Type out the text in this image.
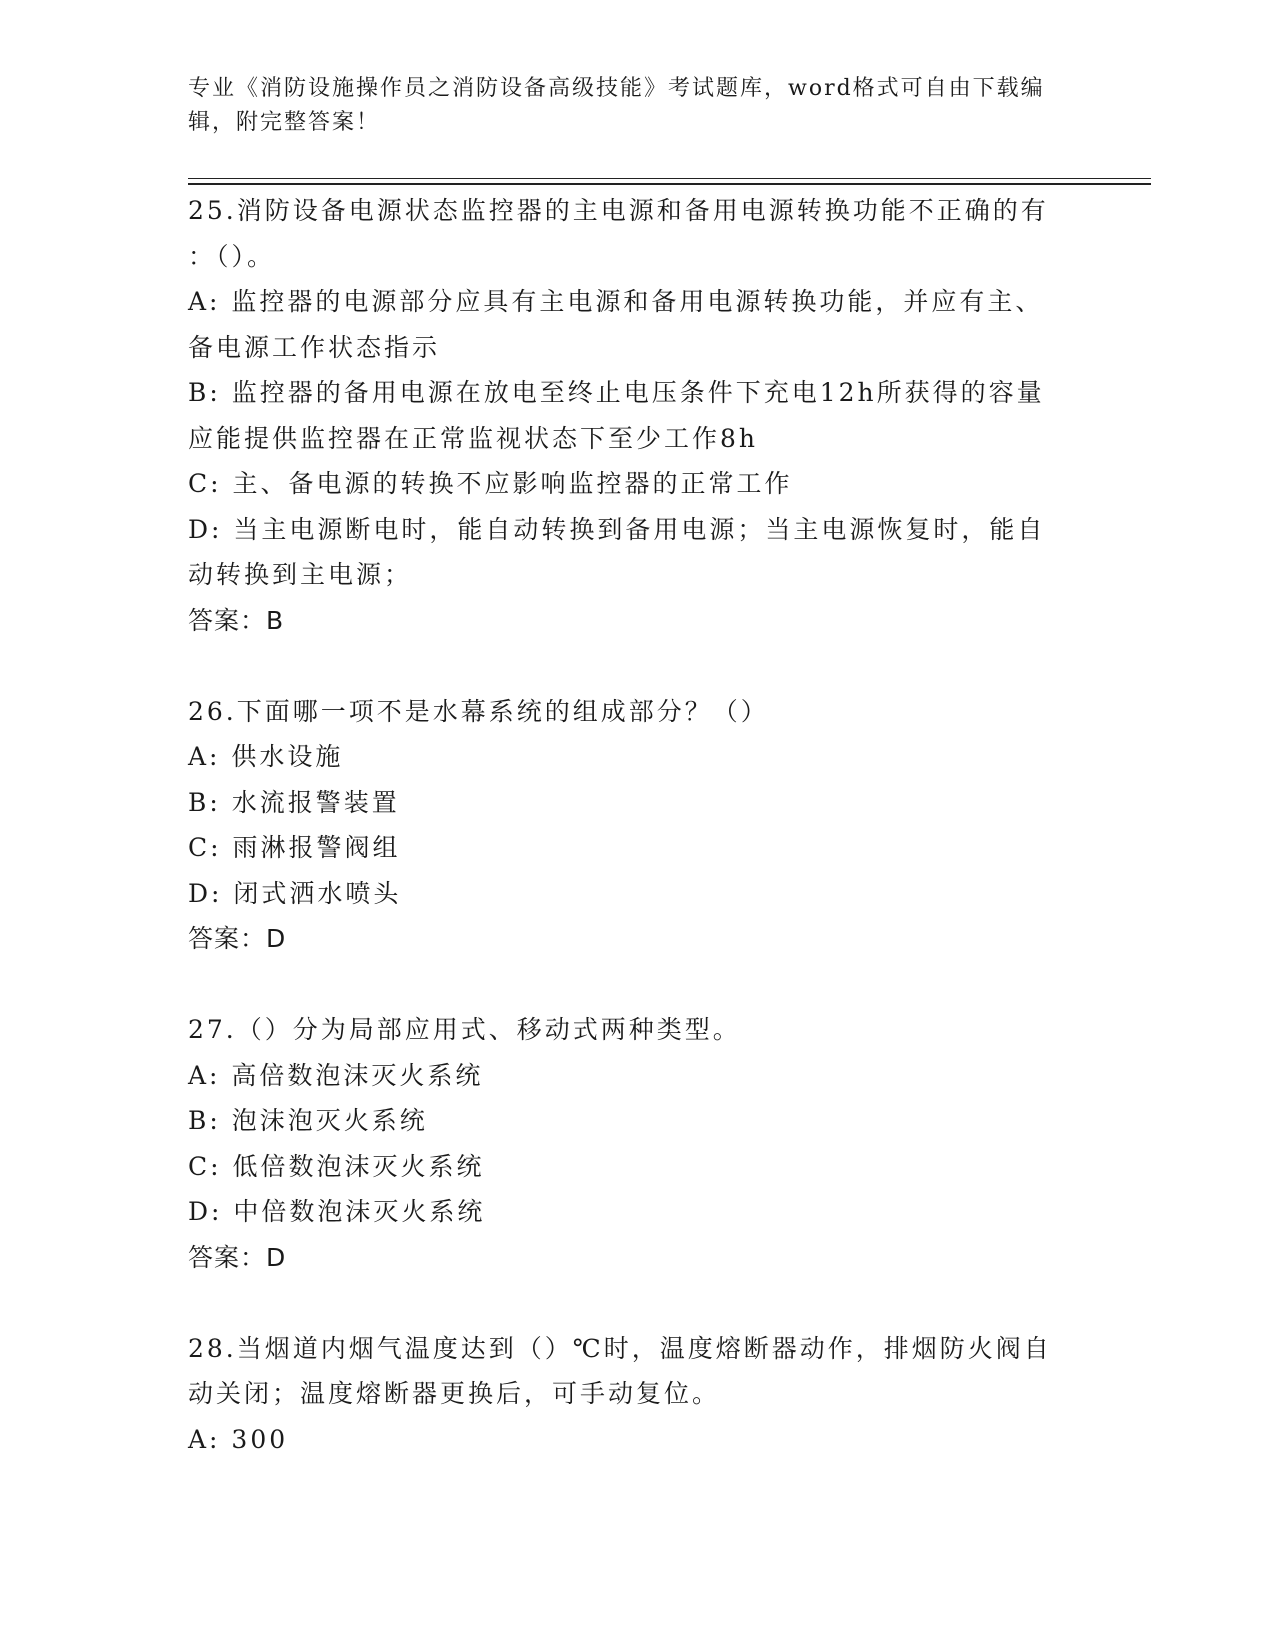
专业《消防设施操作员之消防设备高级技能》考试题库，word格式可自由下载编
辑，附完整答案！
25.消防设备电源状态监控器的主电源和备用电源转换功能不正确的有
：（）。
A: 监控器的电源部分应具有主电源和备用电源转换功能，并应有主、
备电源工作状态指示
B: 监控器的备用电源在放电至终止电压条件下充电12h所获得的容量
应能提供监控器在正常监视状态下至少工作8h
C: 主、备电源的转换不应影响监控器的正常工作
D: 当主电源断电时，能自动转换到备用电源；当主电源恢复时，能自
动转换到主电源；
答案：B
26.下面哪一项不是水幕系统的组成部分？（）
A: 供水设施
B: 水流报警装置
C: 雨淋报警阀组
D: 闭式洒水喷头
答案：D
27.（）分为局部应用式、移动式两种类型。
A: 高倍数泡沫灭火系统
B: 泡沫泡灭火系统
C: 低倍数泡沫灭火系统
D: 中倍数泡沫灭火系统
答案：D
28.当烟道内烟气温度达到（）℃时，温度熔断器动作，排烟防火阀自
动关闭；温度熔断器更换后，可手动复位。
A: 300
